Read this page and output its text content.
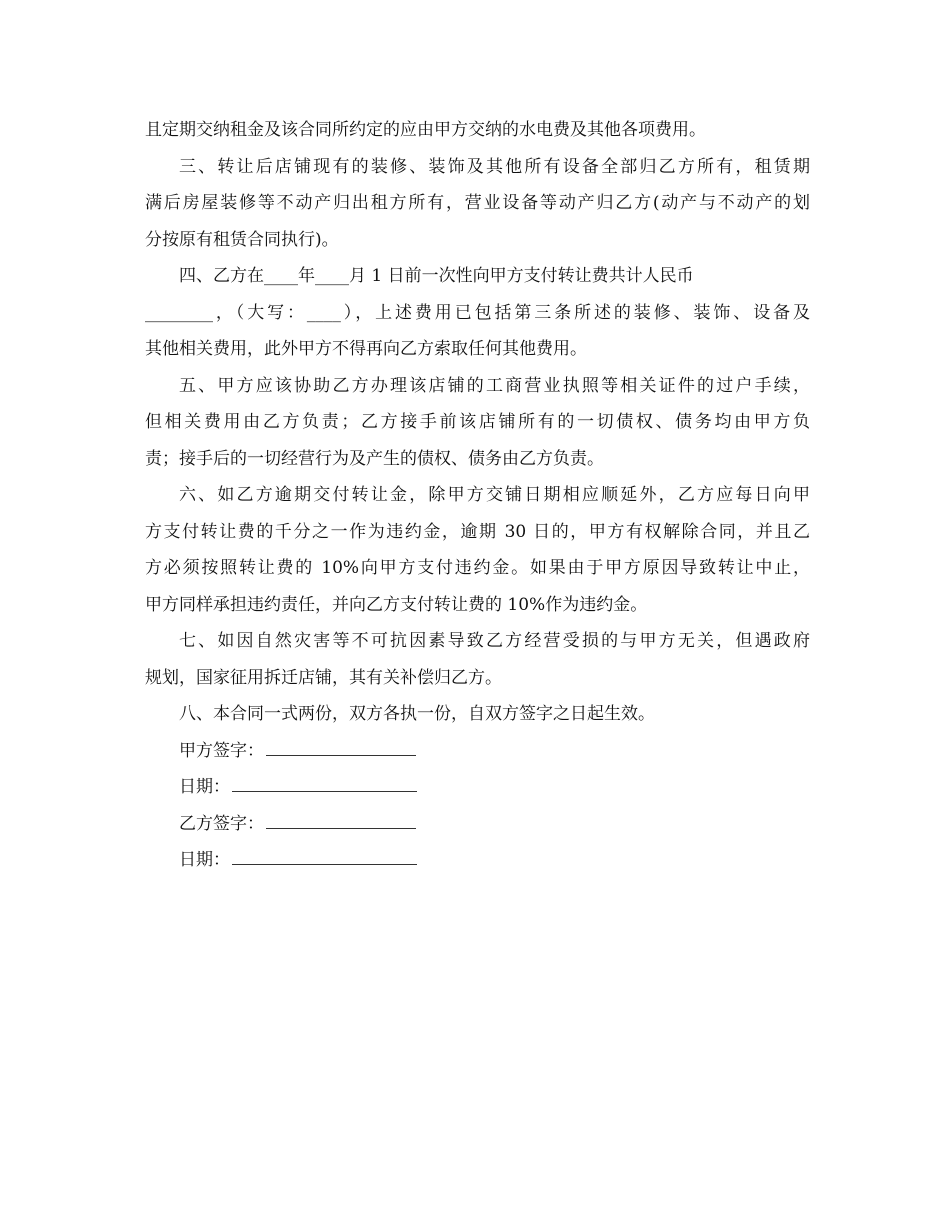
且定期交纳租金及该合同所约定的应由甲方交纳的水电费及其他各项费用。
三、转让后店铺现有的装修、装饰及其他所有设备全部归乙方所有，租赁期
满后房屋装修等不动产归出租方所有，营业设备等动产归乙方(动产与不动产的划
分按原有租赁合同执行)。
四、乙方在____年____月 1 日前一次性向甲方支付转让费共计人民币
________，（大写：____），上述费用已包括第三条所述的装修、装饰、设备及
其他相关费用，此外甲方不得再向乙方索取任何其他费用。
五、甲方应该协助乙方办理该店铺的工商营业执照等相关证件的过户手续，
但相关费用由乙方负责；乙方接手前该店铺所有的一切债权、债务均由甲方负
责；接手后的一切经营行为及产生的债权、债务由乙方负责。
六、如乙方逾期交付转让金，除甲方交铺日期相应顺延外，乙方应每日向甲
方支付转让费的千分之一作为违约金，逾期 30 日的，甲方有权解除合同，并且乙
方必须按照转让费的 10%向甲方支付违约金。如果由于甲方原因导致转让中止，
甲方同样承担违约责任，并向乙方支付转让费的 10%作为违约金。
七、如因自然灾害等不可抗因素导致乙方经营受损的与甲方无关，但遇政府
规划，国家征用拆迁店铺，其有关补偿归乙方。
八、本合同一式两份，双方各执一份，自双方签字之日起生效。
甲方签字：
日期：
乙方签字：
日期：
